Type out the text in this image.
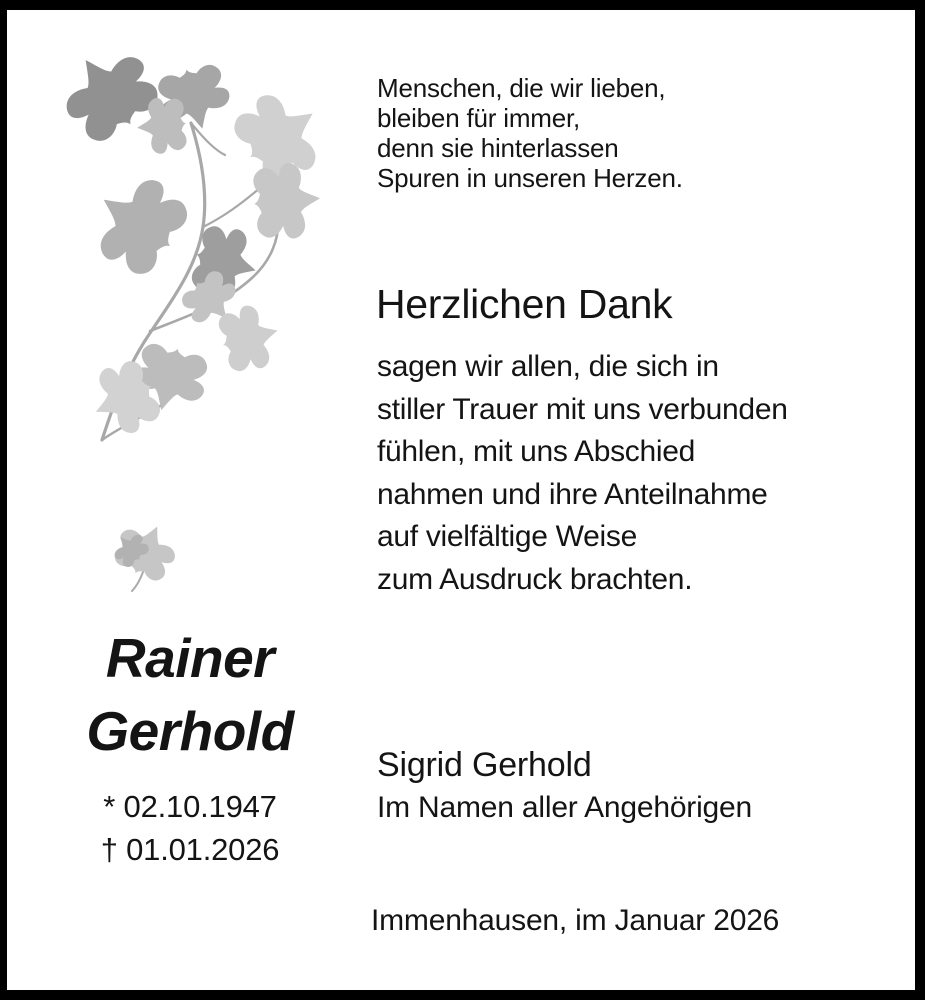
Menschen, die wir lieben,
bleiben für immer,
denn sie hinterlassen
Spuren in unseren Herzen.
Herzlichen Dank
sagen wir allen, die sich in
stiller Trauer mit uns verbunden
fühlen, mit uns Abschied
nahmen und ihre Anteilnahme
auf vielfältige Weise
zum Ausdruck brachten.
Rainer
Gerhold
* 02.10.1947
† 01.01.2026
Sigrid Gerhold
Im Namen aller Angehörigen
Immenhausen, im Januar 2026
